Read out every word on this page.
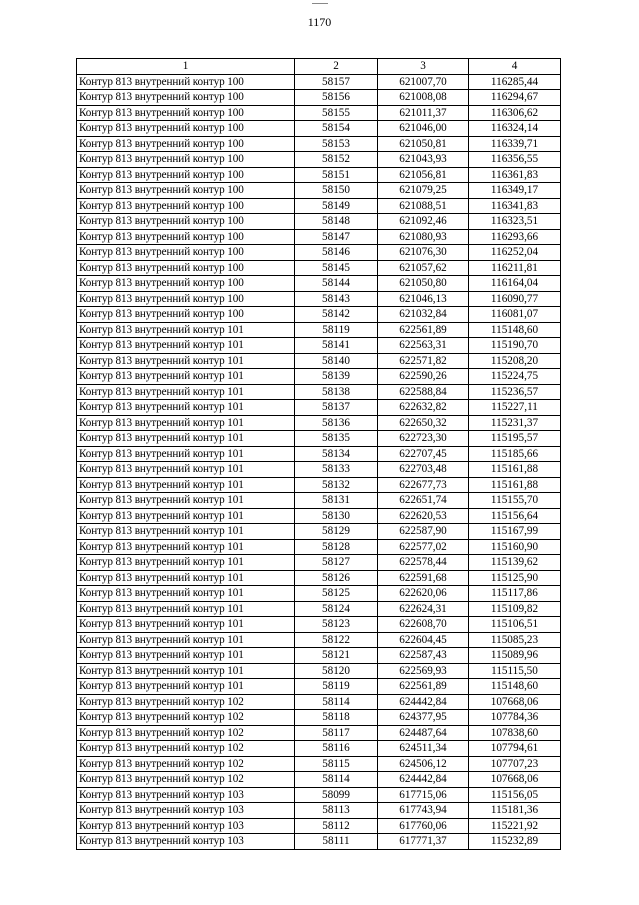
1170
1	2	3	4
Контур 813 внутренний контур 100	58157	621007,70	116285,44
Контур 813 внутренний контур 100	58156	621008,08	116294,67
Контур 813 внутренний контур 100	58155	621011,37	116306,62
Контур 813 внутренний контур 100	58154	621046,00	116324,14
Контур 813 внутренний контур 100	58153	621050,81	116339,71
Контур 813 внутренний контур 100	58152	621043,93	116356,55
Контур 813 внутренний контур 100	58151	621056,81	116361,83
Контур 813 внутренний контур 100	58150	621079,25	116349,17
Контур 813 внутренний контур 100	58149	621088,51	116341,83
Контур 813 внутренний контур 100	58148	621092,46	116323,51
Контур 813 внутренний контур 100	58147	621080,93	116293,66
Контур 813 внутренний контур 100	58146	621076,30	116252,04
Контур 813 внутренний контур 100	58145	621057,62	116211,81
Контур 813 внутренний контур 100	58144	621050,80	116164,04
Контур 813 внутренний контур 100	58143	621046,13	116090,77
Контур 813 внутренний контур 100	58142	621032,84	116081,07
Контур 813 внутренний контур 101	58119	622561,89	115148,60
Контур 813 внутренний контур 101	58141	622563,31	115190,70
Контур 813 внутренний контур 101	58140	622571,82	115208,20
Контур 813 внутренний контур 101	58139	622590,26	115224,75
Контур 813 внутренний контур 101	58138	622588,84	115236,57
Контур 813 внутренний контур 101	58137	622632,82	115227,11
Контур 813 внутренний контур 101	58136	622650,32	115231,37
Контур 813 внутренний контур 101	58135	622723,30	115195,57
Контур 813 внутренний контур 101	58134	622707,45	115185,66
Контур 813 внутренний контур 101	58133	622703,48	115161,88
Контур 813 внутренний контур 101	58132	622677,73	115161,88
Контур 813 внутренний контур 101	58131	622651,74	115155,70
Контур 813 внутренний контур 101	58130	622620,53	115156,64
Контур 813 внутренний контур 101	58129	622587,90	115167,99
Контур 813 внутренний контур 101	58128	622577,02	115160,90
Контур 813 внутренний контур 101	58127	622578,44	115139,62
Контур 813 внутренний контур 101	58126	622591,68	115125,90
Контур 813 внутренний контур 101	58125	622620,06	115117,86
Контур 813 внутренний контур 101	58124	622624,31	115109,82
Контур 813 внутренний контур 101	58123	622608,70	115106,51
Контур 813 внутренний контур 101	58122	622604,45	115085,23
Контур 813 внутренний контур 101	58121	622587,43	115089,96
Контур 813 внутренний контур 101	58120	622569,93	115115,50
Контур 813 внутренний контур 101	58119	622561,89	115148,60
Контур 813 внутренний контур 102	58114	624442,84	107668,06
Контур 813 внутренний контур 102	58118	624377,95	107784,36
Контур 813 внутренний контур 102	58117	624487,64	107838,60
Контур 813 внутренний контур 102	58116	624511,34	107794,61
Контур 813 внутренний контур 102	58115	624506,12	107707,23
Контур 813 внутренний контур 102	58114	624442,84	107668,06
Контур 813 внутренний контур 103	58099	617715,06	115156,05
Контур 813 внутренний контур 103	58113	617743,94	115181,36
Контур 813 внутренний контур 103	58112	617760,06	115221,92
Контур 813 внутренний контур 103	58111	617771,37	115232,89
